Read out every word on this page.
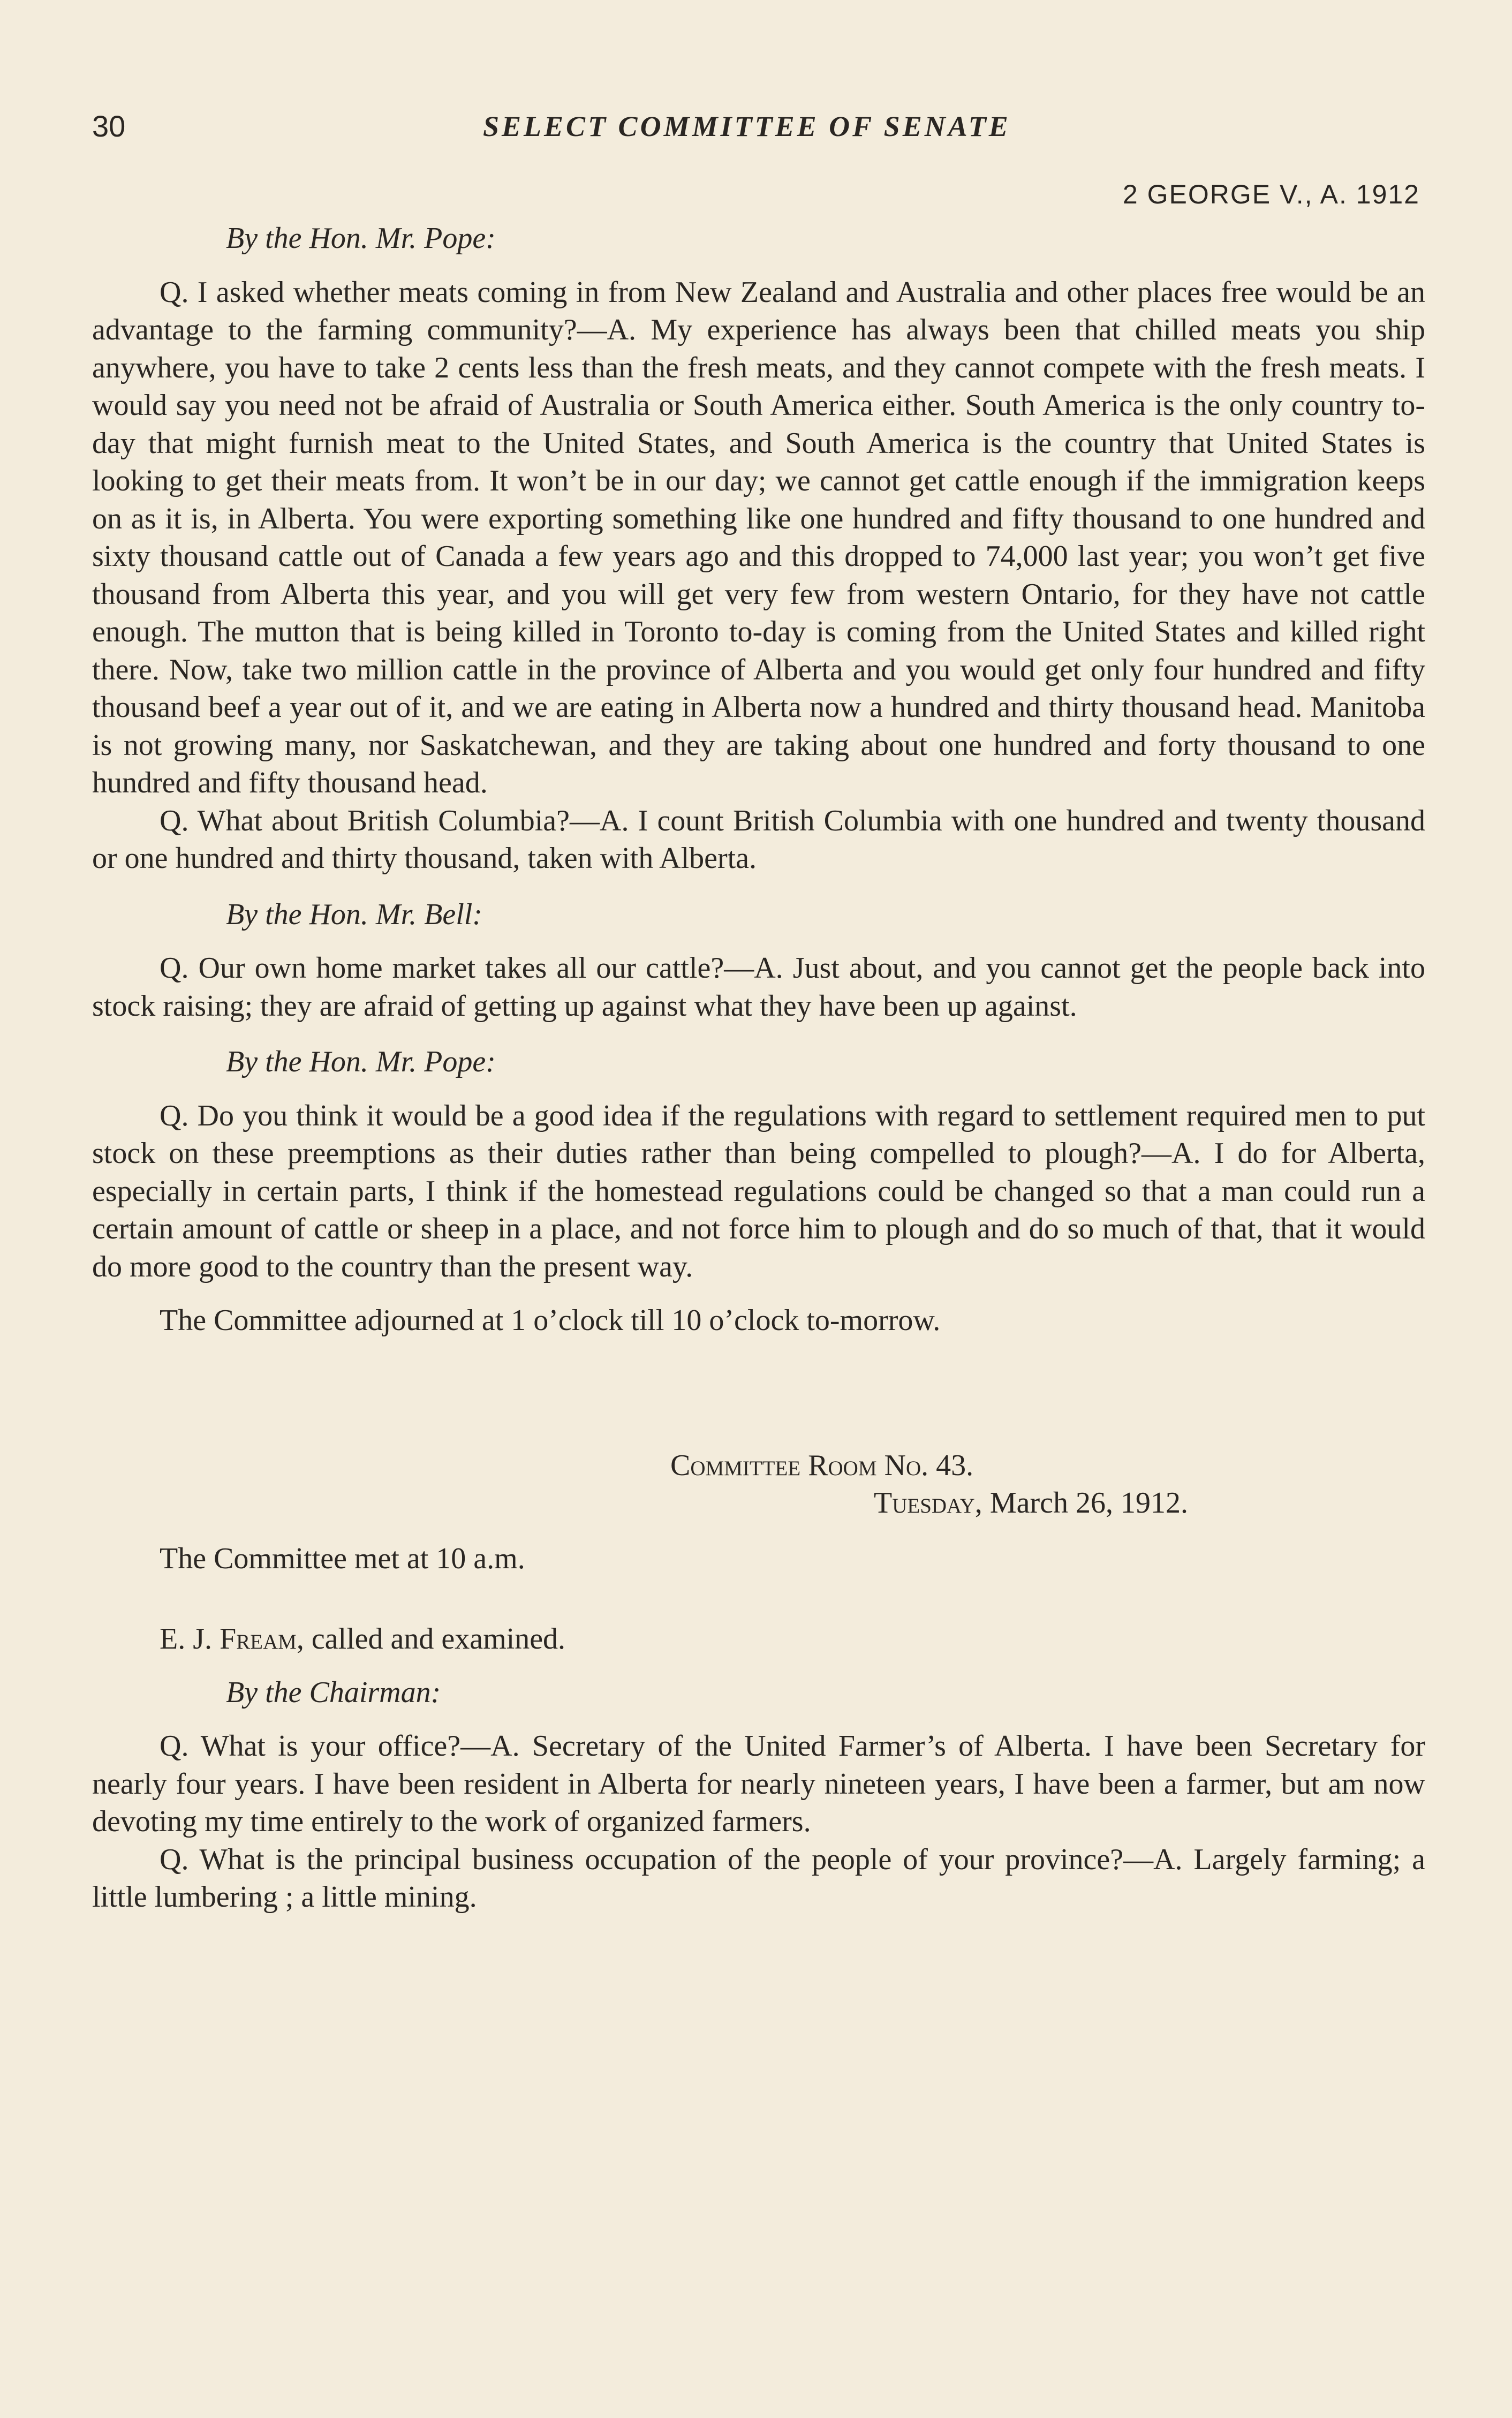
30	SELECT COMMITTEE OF SENATE
2 GEORGE V., A. 1912
By the Hon. Mr. Pope:

Q. I asked whether meats coming in from New Zealand and Australia and other places free would be an advantage to the farming community?—A. My experience has always been that chilled meats you ship anywhere, you have to take 2 cents less than the fresh meats, and they cannot compete with the fresh meats. I would say you need not be afraid of Australia or South America either. South America is the only country to-day that might furnish meat to the United States, and South America is the country that United States is looking to get their meats from. It won’t be in our day; we cannot get cattle enough if the immigration keeps on as it is, in Alberta. You were exporting something like one hundred and fifty thousand to one hundred and sixty thousand cattle out of Canada a few years ago and this dropped to 74,000 last year; you won’t get five thousand from Alberta this year, and you will get very few from western Ontario, for they have not cattle enough. The mutton that is being killed in Toronto to-day is coming from the United States and killed right there. Now, take two million cattle in the province of Alberta and you would get only four hundred and fifty thousand beef a year out of it, and we are eating in Alberta now a hundred and thirty thousand head. Manitoba is not growing many, nor Saskatchewan, and they are taking about one hundred and forty thousand to one hundred and fifty thousand head.

Q. What about British Columbia?—A. I count British Columbia with one hundred and twenty thousand or one hundred and thirty thousand, taken with Alberta.

By the Hon. Mr. Bell:

Q. Our own home market takes all our cattle?—A. Just about, and you cannot get the people back into stock raising; they are afraid of getting up against what they have been up against.

By the Hon. Mr. Pope:

Q. Do you think it would be a good idea if the regulations with regard to settlement required men to put stock on these preemptions as their duties rather than being compelled to plough?—A. I do for Alberta, especially in certain parts, I think if the homestead regulations could be changed so that a man could run a certain amount of cattle or sheep in a place, and not force him to plough and do so much of that, that it would do more good to the country than the present way.

The Committee adjourned at 1 o’clock till 10 o’clock to-morrow.

Committee Room No. 43.
Tuesday, March 26, 1912.
The Committee met at 10 a.m.
E. J. Fream, called and examined.
By the Chairman:

Q. What is your office?—A. Secretary of the United Farmer’s of Alberta. I have been Secretary for nearly four years. I have been resident in Alberta for nearly nineteen years, I have been a farmer, but am now devoting my time entirely to the work of organized farmers.

Q. What is the principal business occupation of the people of your province?—A. Largely farming; a little lumbering ; a little mining.
